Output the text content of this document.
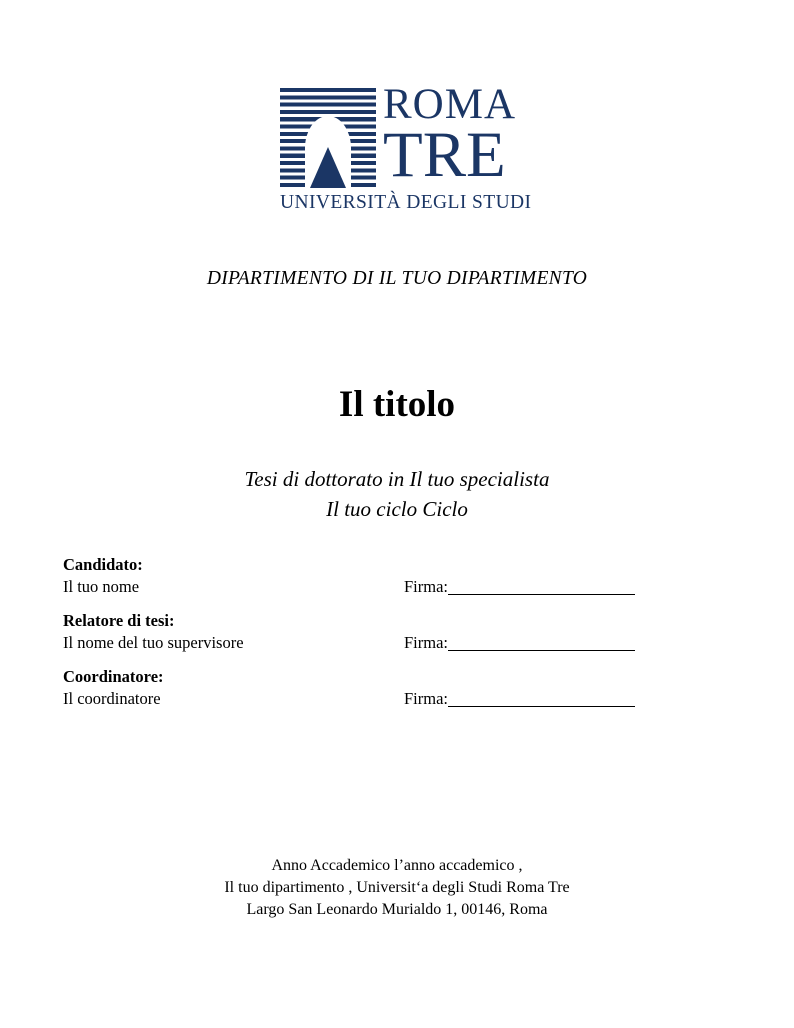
ROMA
TRE
UNIVERSITÀ DEGLI STUDI
DIPARTIMENTO DI IL TUO DIPARTIMENTO
Il titolo
Tesi di dottorato in Il tuo specialista
Il tuo ciclo Ciclo
Candidato:
Il tuo nome	Firma:
Relatore di tesi:
Il nome del tuo supervisore	Firma:
Coordinatore:
Il coordinatore	Firma:
Anno Accademico l’anno accademico ,
Il tuo dipartimento , Universit‘a degli Studi Roma Tre
Largo San Leonardo Murialdo 1, 00146, Roma
